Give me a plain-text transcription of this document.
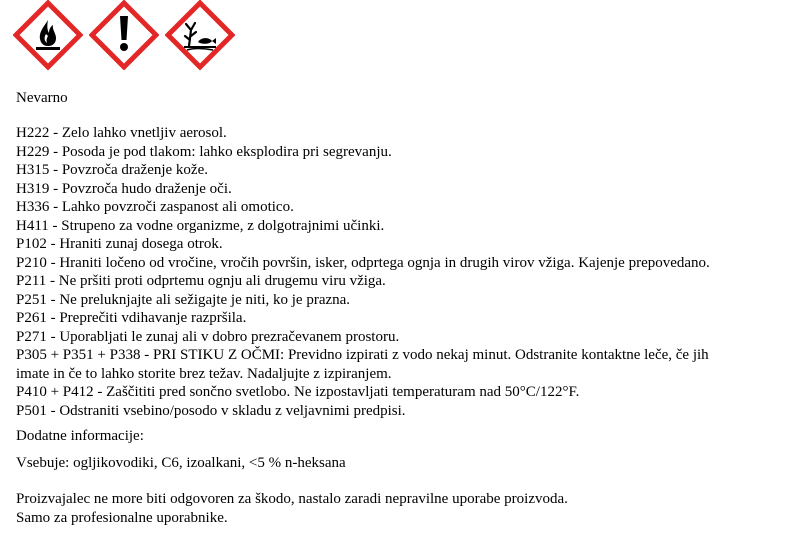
Nevarno
H222 - Zelo lahko vnetljiv aerosol.
H229 - Posoda je pod tlakom: lahko eksplodira pri segrevanju.
H315 - Povzroča draženje kože.
H319 - Povzroča hudo draženje oči.
H336 - Lahko povzroči zaspanost ali omotico.
H411 - Strupeno za vodne organizme, z dolgotrajnimi učinki.
P102 - Hraniti zunaj dosega otrok.
P210 - Hraniti ločeno od vročine, vročih površin, isker, odprtega ognja in drugih virov vžiga. Kajenje prepovedano.
P211 - Ne pršiti proti odprtemu ognju ali drugemu viru vžiga.
P251 - Ne preluknjajte ali sežigajte je niti, ko je prazna.
P261 - Preprečiti vdihavanje razpršila.
P271 - Uporabljati le zunaj ali v dobro prezračevanem prostoru.
P305 + P351 + P338 - PRI STIKU Z OČMI: Previdno izpirati z vodo nekaj minut. Odstranite kontaktne leče, če jih
imate in če to lahko storite brez težav. Nadaljujte z izpiranjem.
P410 + P412 - Zaščititi pred sončno svetlobo. Ne izpostavljati temperaturam nad 50°C/122°F.
P501 - Odstraniti vsebino/posodo v skladu z veljavnimi predpisi.
Dodatne informacije:
Vsebuje: ogljikovodiki, C6, izoalkani, <5 % n-heksana
Proizvajalec ne more biti odgovoren za škodo, nastalo zaradi nepravilne uporabe proizvoda.
Samo za profesionalne uporabnike.
